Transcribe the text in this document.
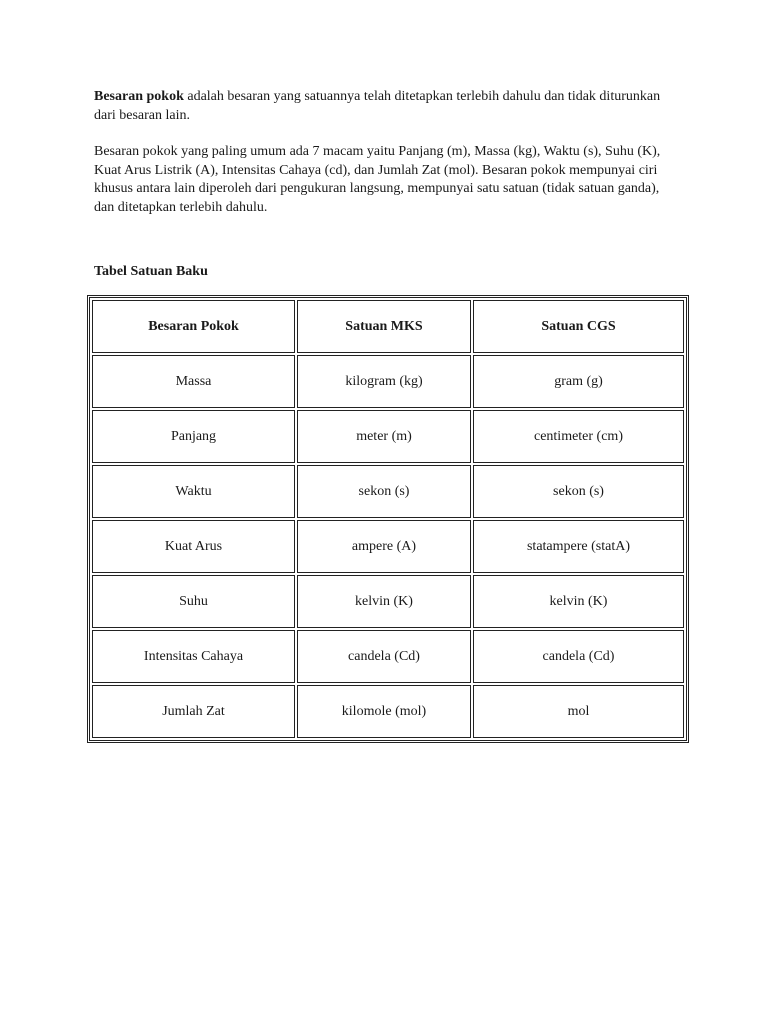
Besaran pokok adalah besaran yang satuannya telah ditetapkan terlebih dahulu dan tidak diturunkan dari besaran lain.

Besaran pokok yang paling umum ada 7 macam yaitu Panjang (m), Massa (kg), Waktu (s), Suhu (K), Kuat Arus Listrik (A), Intensitas Cahaya (cd), dan Jumlah Zat (mol). Besaran pokok mempunyai ciri khusus antara lain diperoleh dari pengukuran langsung, mempunyai satu satuan (tidak satuan ganda), dan ditetapkan terlebih dahulu.

Tabel Satuan Baku

Besaran Pokok	Satuan MKS	Satuan CGS
Massa	kilogram (kg)	gram (g)
Panjang	meter (m)	centimeter (cm)
Waktu	sekon (s)	sekon (s)
Kuat Arus	ampere (A)	statampere (statA)
Suhu	kelvin (K)	kelvin (K)
Intensitas Cahaya	candela (Cd)	candela (Cd)
Jumlah Zat	kilomole (mol)	mol
